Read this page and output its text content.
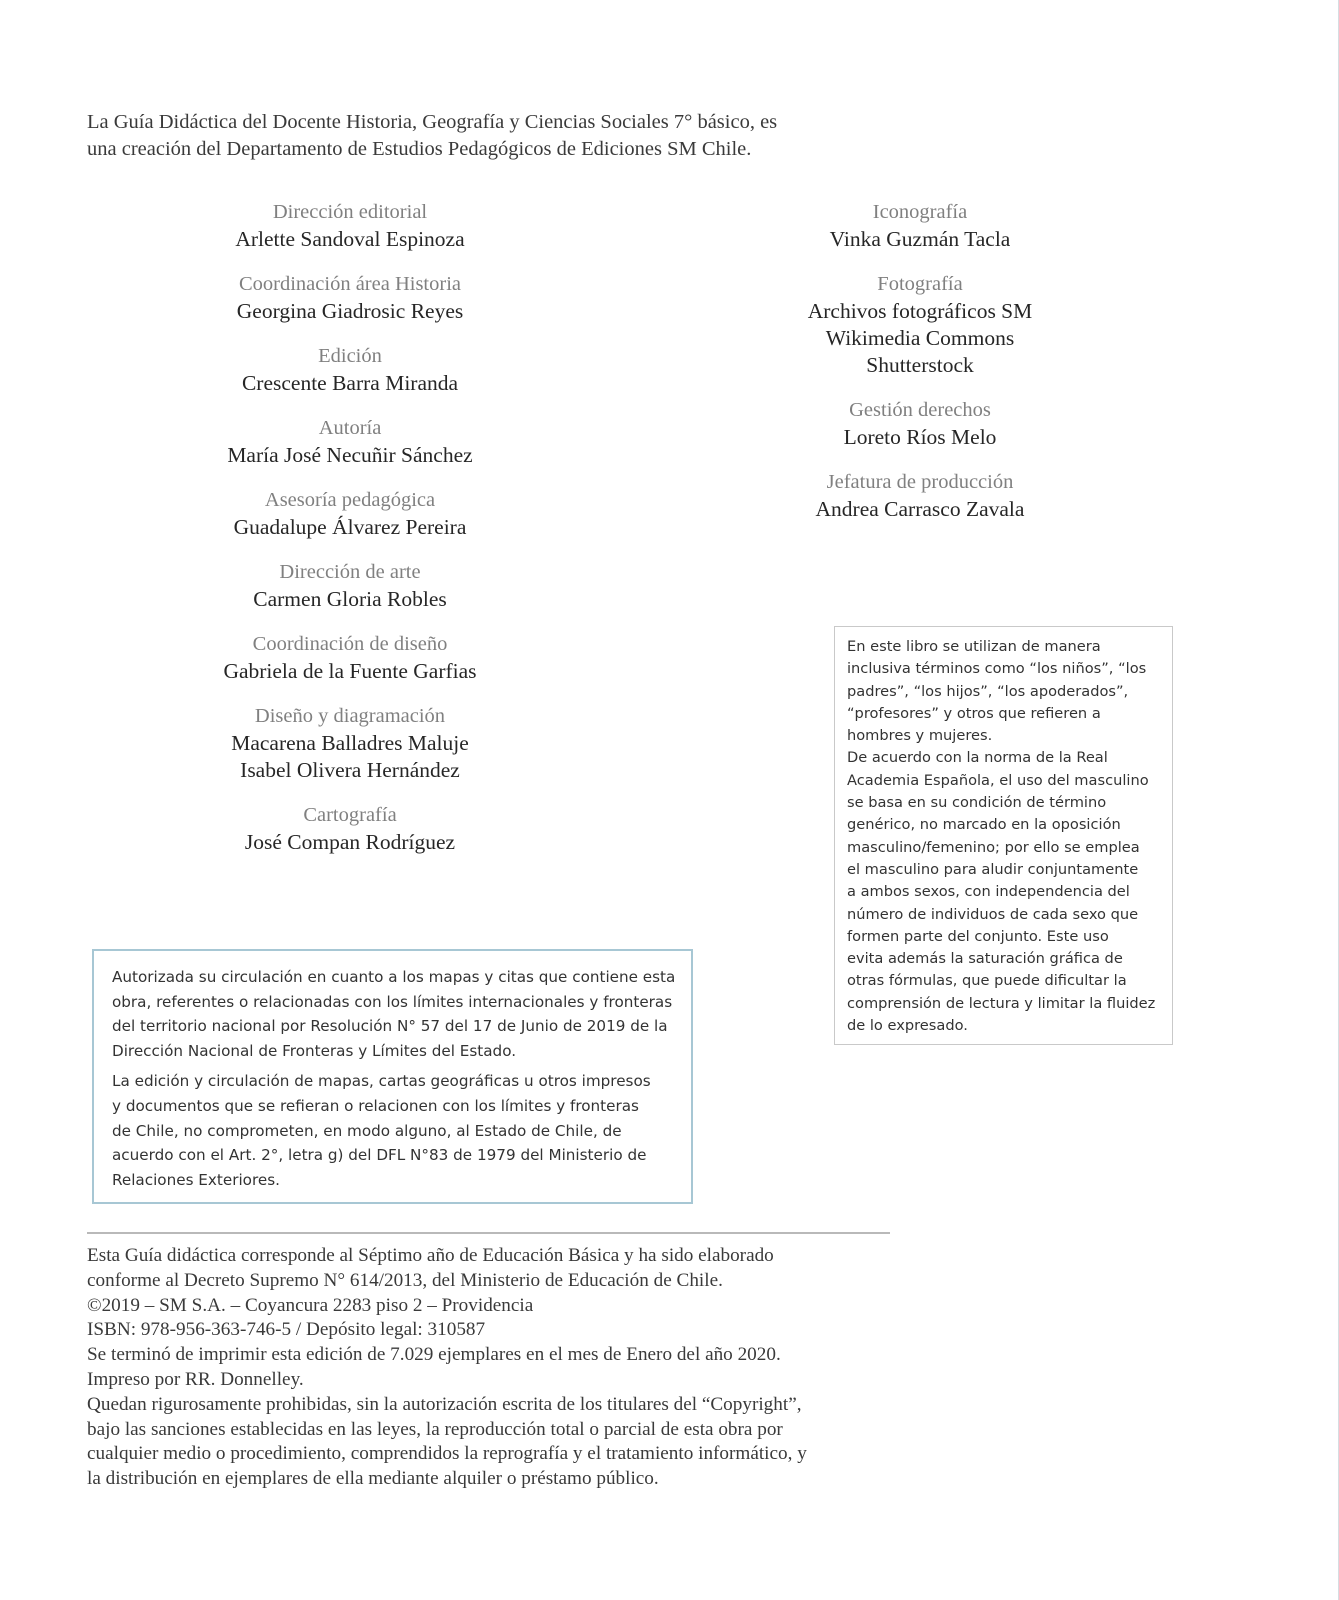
La Guía Didáctica del Docente Historia, Geografía y Ciencias Sociales 7° básico, es
una creación del Departamento de Estudios Pedagógicos de Ediciones SM Chile.
Dirección editorial
Arlette Sandoval Espinoza
Coordinación área Historia
Georgina Giadrosic Reyes
Edición
Crescente Barra Miranda
Autoría
María José Necuñir Sánchez
Asesoría pedagógica
Guadalupe Álvarez Pereira
Dirección de arte
Carmen Gloria Robles
Coordinación de diseño
Gabriela de la Fuente Garfias
Diseño y diagramación
Macarena Balladres Maluje
Isabel Olivera Hernández
Cartografía
José Compan Rodríguez
Iconografía
Vinka Guzmán Tacla
Fotografía
Archivos fotográficos SM
Wikimedia Commons
Shutterstock
Gestión derechos
Loreto Ríos Melo
Jefatura de producción
Andrea Carrasco Zavala
En este libro se utilizan de manera
inclusiva términos como “los niños”, “los
padres”, “los hijos”, “los apoderados”,
“profesores” y otros que refieren a
hombres y mujeres.
De acuerdo con la norma de la Real
Academia Española, el uso del masculino
se basa en su condición de término
genérico, no marcado en la oposición
masculino/femenino; por ello se emplea
el masculino para aludir conjuntamente
a ambos sexos, con independencia del
número de individuos de cada sexo que
formen parte del conjunto. Este uso
evita además la saturación gráfica de
otras fórmulas, que puede dificultar la
comprensión de lectura y limitar la fluidez
de lo expresado.
Autorizada su circulación en cuanto a los mapas y citas que contiene esta
obra, referentes o relacionadas con los límites internacionales y fronteras
del territorio nacional por Resolución N° 57 del 17 de Junio de 2019 de la
Dirección Nacional de Fronteras y Límites del Estado.
La edición y circulación de mapas, cartas geográficas u otros impresos
y documentos que se refieran o relacionen con los límites y fronteras
de Chile, no comprometen, en modo alguno, al Estado de Chile, de
acuerdo con el Art. 2°, letra g) del DFL N°83 de 1979 del Ministerio de
Relaciones Exteriores.
Esta Guía didáctica corresponde al Séptimo año de Educación Básica y ha sido elaborado
conforme al Decreto Supremo N° 614/2013, del Ministerio de Educación de Chile.
©2019 – SM S.A. – Coyancura 2283 piso 2 – Providencia
ISBN: 978-956-363-746-5 / Depósito legal: 310587
Se terminó de imprimir esta edición de 7.029 ejemplares en el mes de Enero del año 2020.
Impreso por RR. Donnelley.
Quedan rigurosamente prohibidas, sin la autorización escrita de los titulares del “Copyright”,
bajo las sanciones establecidas en las leyes, la reproducción total o parcial de esta obra por
cualquier medio o procedimiento, comprendidos la reprografía y el tratamiento informático, y
la distribución en ejemplares de ella mediante alquiler o préstamo público.
